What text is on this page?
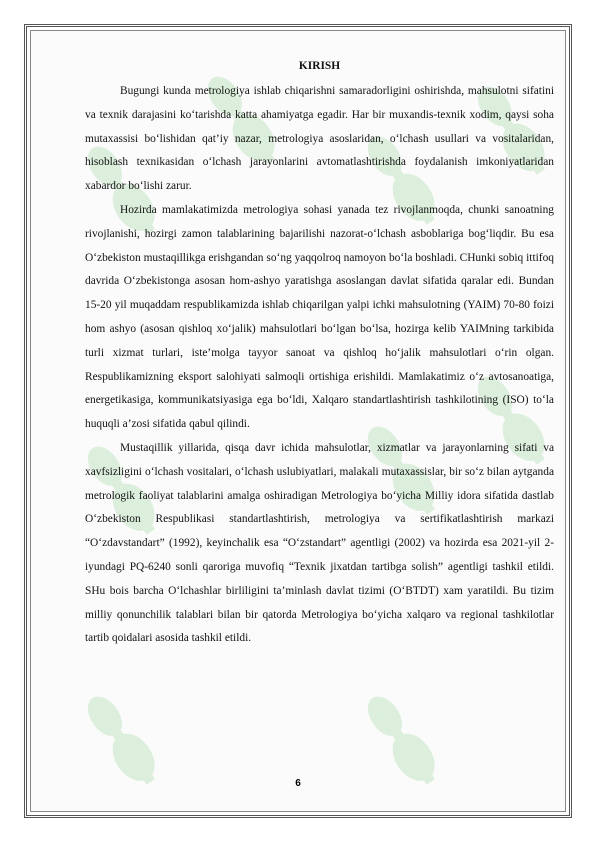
KIRISH

Bugungi kunda metrologiya ishlab chiqarishni samaradorligini oshirishda, mahsulotni sifatini va texnik darajasini ko‘tarishda katta ahamiyatga egadir. Har bir muxandis-texnik xodim, qaysi soha mutaxassisi bo‘lishidan qat’iy nazar, metrologiya asoslaridan, o‘lchash usullari va vositalaridan, hisoblash texnikasidan o‘lchash jarayonlarini avtomatlashtirishda foydalanish imkoniyatlaridan xabardor bo‘lishi zarur.

Hozirda mamlakatimizda metrologiya sohasi yanada tez rivojlanmoqda, chunki sanoatning rivojlanishi, hozirgi zamon talablarining bajarilishi nazorat-o‘lchash asboblariga bog‘liqdir. Bu esa O‘zbekiston mustaqillikga erishgandan so‘ng yaqqolroq namoyon bo‘la boshladi. CHunki sobiq ittifoq davrida O‘zbekistonga asosan hom-ashyo yaratishga asoslangan davlat sifatida qaralar edi. Bundan 15-20 yil muqaddam respublikamizda ishlab chiqarilgan yalpi ichki mahsulotning (YAIM) 70-80 foizi hom ashyo (asosan qishloq xo‘jalik) mahsulotlari bo‘lgan bo‘lsa, hozirga kelib YAIMning tarkibida turli xizmat turlari, iste’molga tayyor sanoat va qishloq ho‘jalik mahsulotlari o‘rin olgan. Respublikamizning eksport salohiyati salmoqli ortishiga erishildi. Mamlakatimiz o‘z avtosanoatiga, energetikasiga, kommunikatsiyasiga ega bo‘ldi, Xalqaro standartlashtirish tashkilotining (ISO) to‘la huquqli a’zosi sifatida qabul qilindi.

Mustaqillik yillarida, qisqa davr ichida mahsulotlar, xizmatlar va jarayonlarning sifati va xavfsizligini o‘lchash vositalari, o‘lchash uslubiyatlari, malakali mutaxassislar, bir so‘z bilan aytganda metrologik faoliyat talablarini amalga oshiradigan Metrologiya bo‘yicha Milliy idora sifatida dastlab O‘zbekiston Respublikasi standartlashtirish, metrologiya va sertifikatlashtirish markazi “O‘zdavstandart” (1992), keyinchalik esa “O‘zstandart” agentligi (2002) va hozirda esa 2021-yil 2-iyundagi PQ-6240 sonli qaroriga muvofiq “Texnik jixatdan tartibga solish” agentligi tashkil etildi. SHu bois barcha O‘lchashlar birliligini ta’minlash davlat tizimi (O‘BTDT) xam yaratildi. Bu tizim milliy qonunchilik talablari bilan bir qatorda Metrologiya bo‘yicha xalqaro va regional tashkilotlar tartib qoidalari asosida tashkil etildi.

6
